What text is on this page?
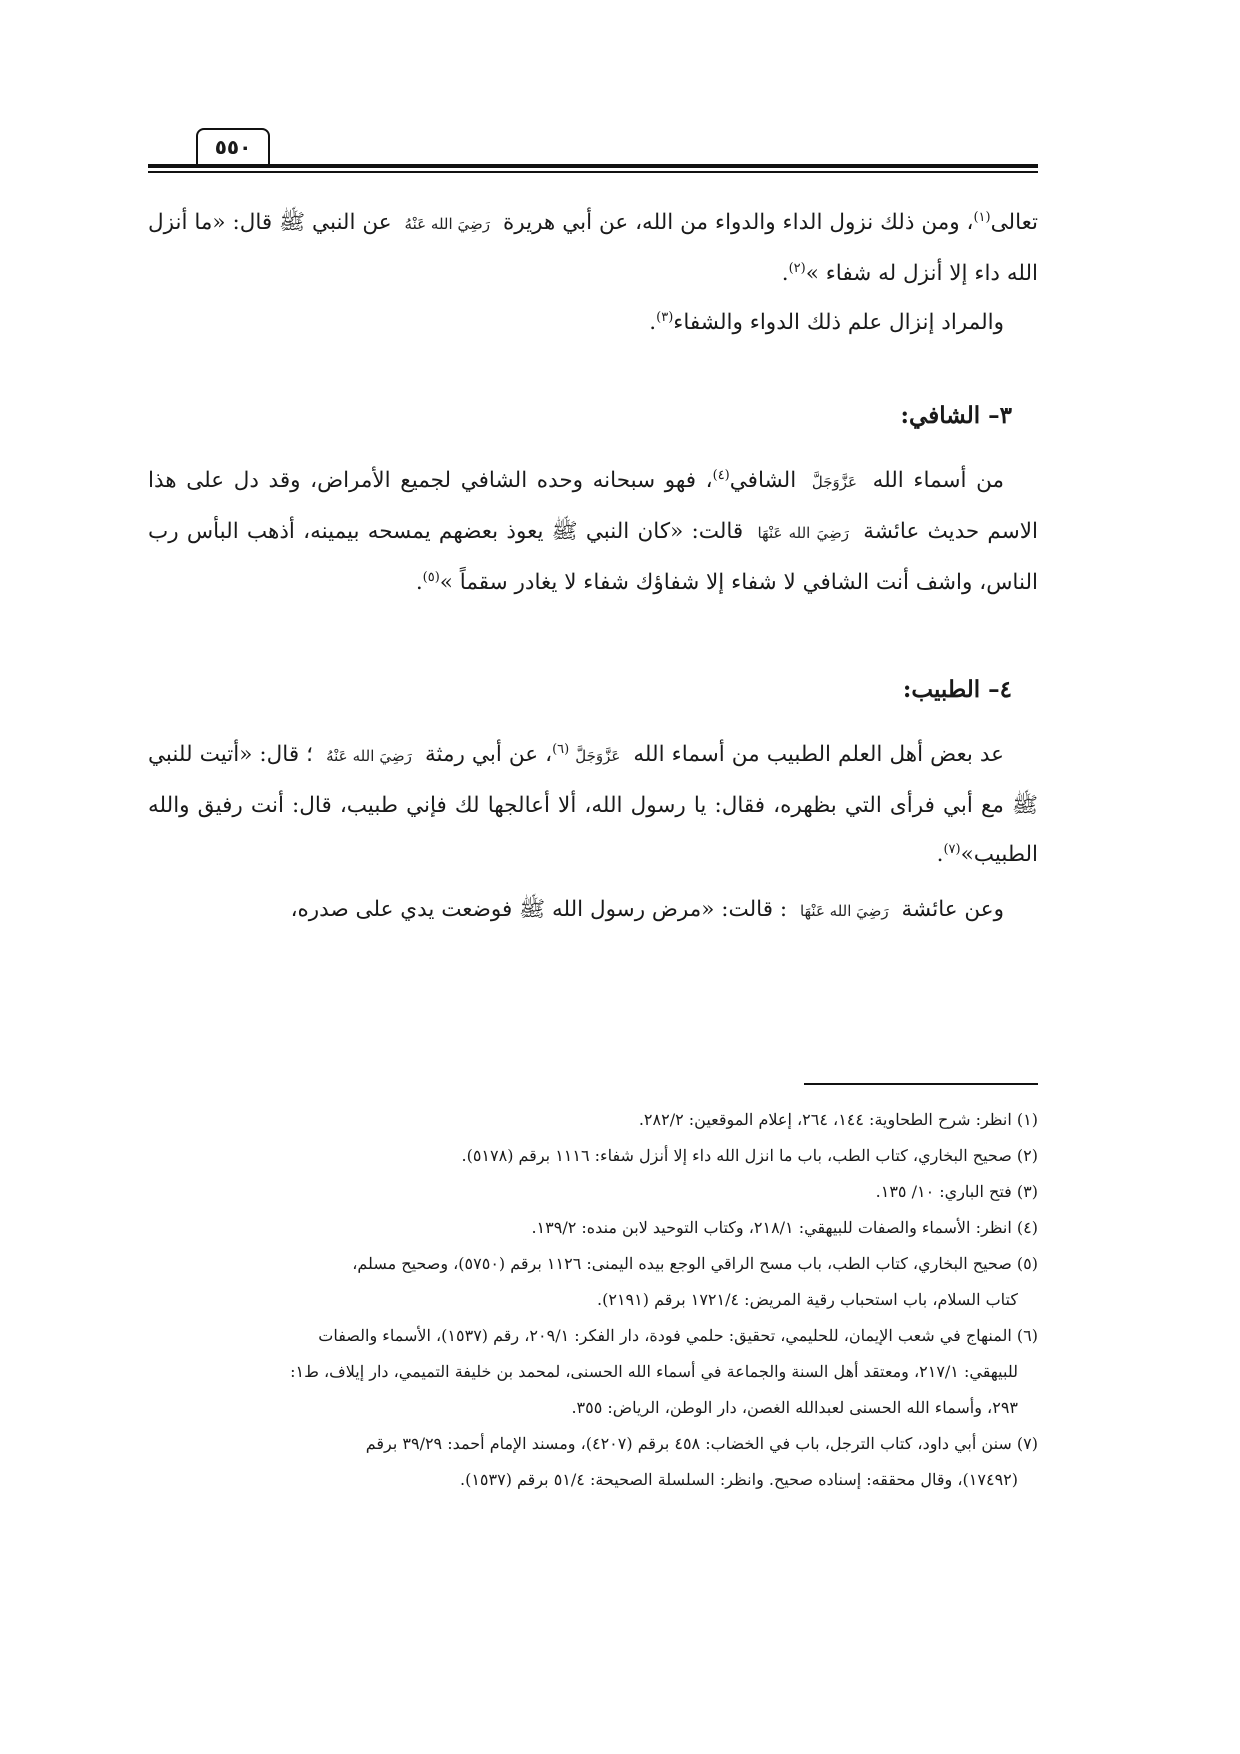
٥٥٠

تعالى$^{(١)}$، ومن ذلك نزول الداء والدواء من الله، عن أبي هريرة رَضِيَ الله عَنْهُ عن النبي ﷺ قال: «ما أنزل الله داء إلا أنزل له شفاء »$^{(٢)}$.

والمراد إنزال علم ذلك الدواء والشفاء$^{(٣)}$.

٣– الشافي:

من أسماء الله عَزَّوَجَلَّ الشافي$^{(٤)}$، فهو سبحانه وحده الشافي لجميع الأمراض، وقد دل على هذا الاسم حديث عائشة رَضِيَ الله عَنْهَا قالت: «كان النبي ﷺ يعوذ بعضهم يمسحه بيمينه، أذهب البأس رب الناس، واشف أنت الشافي لا شفاء إلا شفاؤك شفاء لا يغادر سقماً »$^{(٥)}$.

٤– الطبيب:

عد بعض أهل العلم الطبيب من أسماء الله عَزَّوَجَلَّ$^{(٦)}$، عن أبي رمثة رَضِيَ الله عَنْهُ ؛ قال: «أتيت للنبي ﷺ مع أبي فرأى التي بظهره، فقال: يا رسول الله، ألا أعالجها لك فإني طبيب، قال: أنت رفيق والله الطبيب»$^{(٧)}$.

وعن عائشة رَضِيَ الله عَنْهَا : قالت: «مرض رسول الله ﷺ فوضعت يدي على صدره،

(١) انظر: شرح الطحاوية: ١٤٤، ٢٦٤، إعلام الموقعين: ٢٨٢/٢.

(٢) صحيح البخاري، كتاب الطب، باب ما انزل الله داء إلا أنزل شفاء: ١١١٦ برقم (٥١٧٨).

(٣) فتح الباري: ١٠/ ١٣٥.

(٤) انظر: الأسماء والصفات للبيهقي: ٢١٨/١، وكتاب التوحيد لابن منده: ١٣٩/٢.

(٥) صحيح البخاري، كتاب الطب، باب مسح الراقي الوجع بيده اليمنى: ١١٢٦ برقم (٥٧٥٠)، وصحيح مسلم،

كتاب السلام، باب استحباب رقية المريض: ١٧٢١/٤ برقم (٢١٩١).

(٦) المنهاج في شعب الإيمان، للحليمي، تحقيق: حلمي فودة، دار الفكر: ٢٠٩/١، رقم (١٥٣٧)، الأسماء والصفات

للبيهقي: ٢١٧/١، ومعتقد أهل السنة والجماعة في أسماء الله الحسنى، لمحمد بن خليفة التميمي، دار إيلاف، ط١:

٢٩٣، وأسماء الله الحسنى لعبدالله الغصن، دار الوطن، الرياض: ٣٥٥.

(٧) سنن أبي داود، كتاب الترجل، باب في الخضاب: ٤٥٨ برقم (٤٢٠٧)، ومسند الإمام أحمد: ٣٩/٢٩ برقم

(١٧٤٩٢)، وقال محققه: إسناده صحيح. وانظر: السلسلة الصحيحة: ٥١/٤ برقم (١٥٣٧).
